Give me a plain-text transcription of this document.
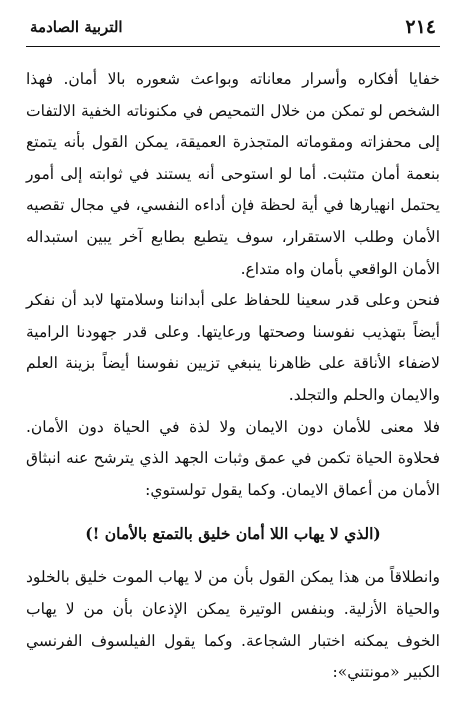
٢١٤
التربية الصادمة

خفايا أفكاره وأسرار معاناته وبواعث شعوره بالا أمان. فهذا الشخص لو تمكن من خلال التمحيص في مكنوناته الخفية الالتفات إلى محفزاته ومقوماته المتجذرة العميقة، يمكن القول بأنه يتمتع بنعمة أمان متثبت. أما لو استوحى أنه يستند في ثوابته إلى أمور يحتمل انهيارها في أية لحظة فإن أداءه النفسي، في مجال تقصيه الأمان وطلب الاستقرار، سوف يتطبع بطابع آخر يبين استبداله الأمان الواقعي بأمان واه متداع.

فنحن وعلى قدر سعينا للحفاظ على أبداننا وسلامتها لابد أن نفكر أيضاً بتهذيب نفوسنا وصحتها ورعايتها. وعلى قدر جهودنا الرامية لاضفاء الأناقة على ظاهرنا ينبغي تزيين نفوسنا أيضاً بزينة العلم والايمان والحلم والتجلد.

فلا معنى للأمان دون الايمان ولا لذة في الحياة دون الأمان. فحلاوة الحياة تكمن في عمق وثبات الجهد الذي يترشح عنه انبثاق الأمان من أعماق الايمان. وكما يقول تولستوي:

(الذي لا يهاب اللا أمان خليق بالتمتع بالأمان !)

وانطلاقاً من هذا يمكن القول بأن من لا يهاب الموت خليق بالخلود والحياة الأزلية. وبنفس الوتيرة يمكن الإذعان بأن من لا يهاب الخوف يمكنه اختبار الشجاعة. وكما يقول الفيلسوف الفرنسي الكبير «مونتني»:
